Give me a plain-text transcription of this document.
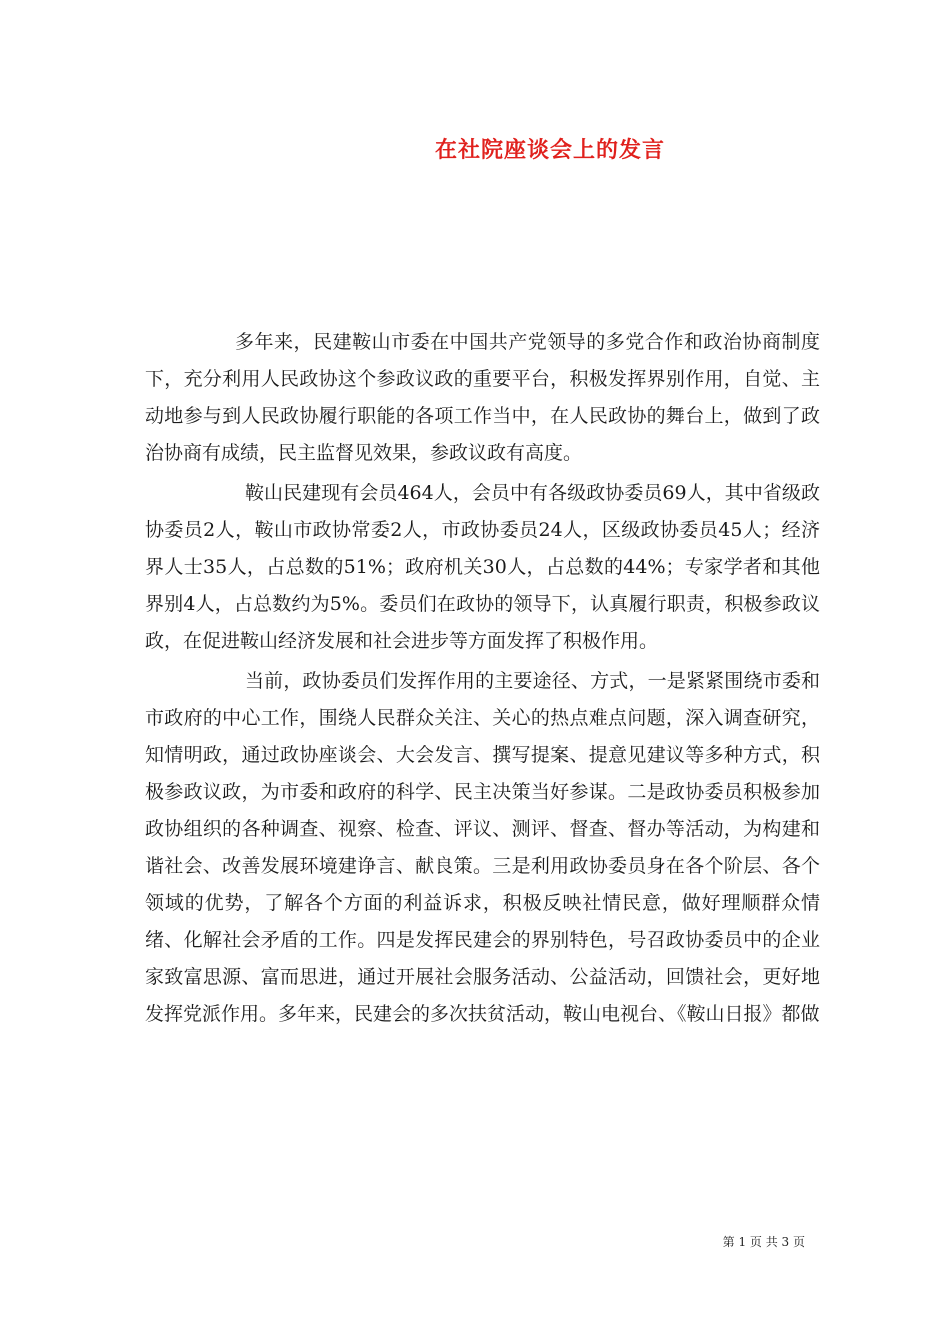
在社院座谈会上的发言

多年来，民建鞍山市委在中国共产党领导的多党合作和政治协商制度下，充分利用人民政协这个参政议政的重要平台，积极发挥界别作用，自觉、主动地参与到人民政协履行职能的各项工作当中，在人民政协的舞台上，做到了政治协商有成绩，民主监督见效果，参政议政有高度。

鞍山民建现有会员464人，会员中有各级政协委员69人，其中省级政协委员2人，鞍山市政协常委2人，市政协委员24人，区级政协委员45人；经济界人士35人，占总数的51%；政府机关30人，占总数的44%；专家学者和其他界别4人，占总数约为5%。委员们在政协的领导下，认真履行职责，积极参政议政，在促进鞍山经济发展和社会进步等方面发挥了积极作用。

当前，政协委员们发挥作用的主要途径、方式，一是紧紧围绕市委和市政府的中心工作，围绕人民群众关注、关心的热点难点问题，深入调查研究，知情明政，通过政协座谈会、大会发言、撰写提案、提意见建议等多种方式，积极参政议政，为市委和政府的科学、民主决策当好参谋。二是政协委员积极参加政协组织的各种调查、视察、检查、评议、测评、督查、督办等活动，为构建和谐社会、改善发展环境建诤言、献良策。三是利用政协委员身在各个阶层、各个领域的优势，了解各个方面的利益诉求，积极反映社情民意，做好理顺群众情绪、化解社会矛盾的工作。四是发挥民建会的界别特色，号召政协委员中的企业家致富思源、富而思进，通过开展社会服务活动、公益活动，回馈社会，更好地发挥党派作用。多年来，民建会的多次扶贫活动，鞍山电视台、《鞍山日报》都做

第 1 页 共 3 页
